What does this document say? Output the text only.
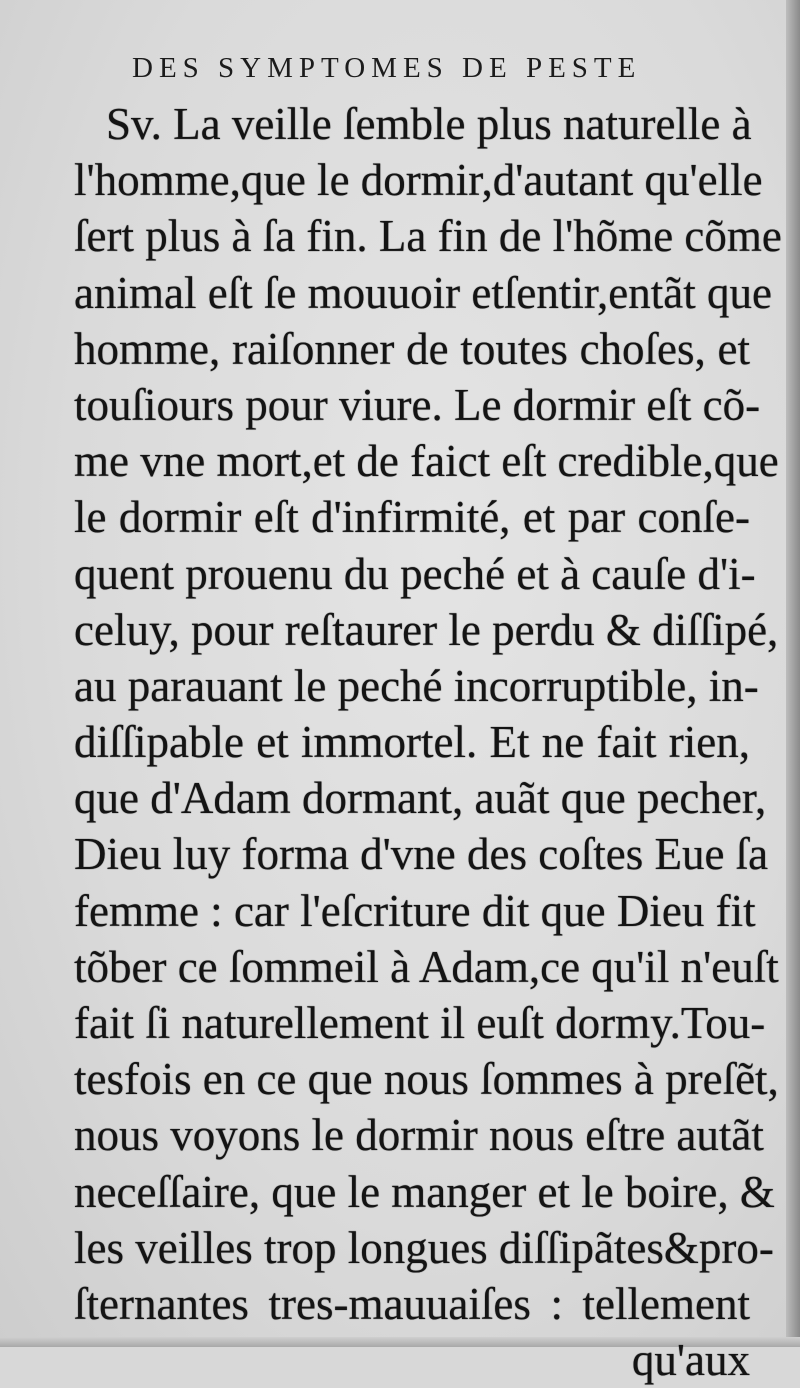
DES SYMPTOMES DE PESTE
Sv. La veille ſemble plus naturelle à
l'homme,que le dormir,d'autant qu'elle
ſert plus à ſa fin. La fin de l'hõme cõme
animal eſt ſe mouuoir etſentir,entãt que
homme, raiſonner de toutes choſes, et
touſiours pour viure. Le dormir eſt cõ-
me vne mort,et de faict eſt credible,que
le dormir eſt d'infirmité, et par conſe-
quent prouenu du peché et à cauſe d'i-
celuy, pour reſtaurer le perdu & diſſipé,
au parauant le peché incorruptible, in-
diſſipable et immortel. Et ne fait rien,
que d'Adam dormant, auãt que pecher,
Dieu luy forma d'vne des coſtes Eue ſa
femme : car l'eſcriture dit que Dieu fit
tõber ce ſommeil à Adam,ce qu'il n'euſt
fait ſi naturellement il euſt dormy.Tou-
tesfois en ce que nous ſommes à preſẽt,
nous voyons le dormir nous eſtre autãt
neceſſaire, que le manger et le boire, &
les veilles trop longues diſſipãtes&pro-
ſternantes tres-mauuaiſes : tellement
qu'aux
